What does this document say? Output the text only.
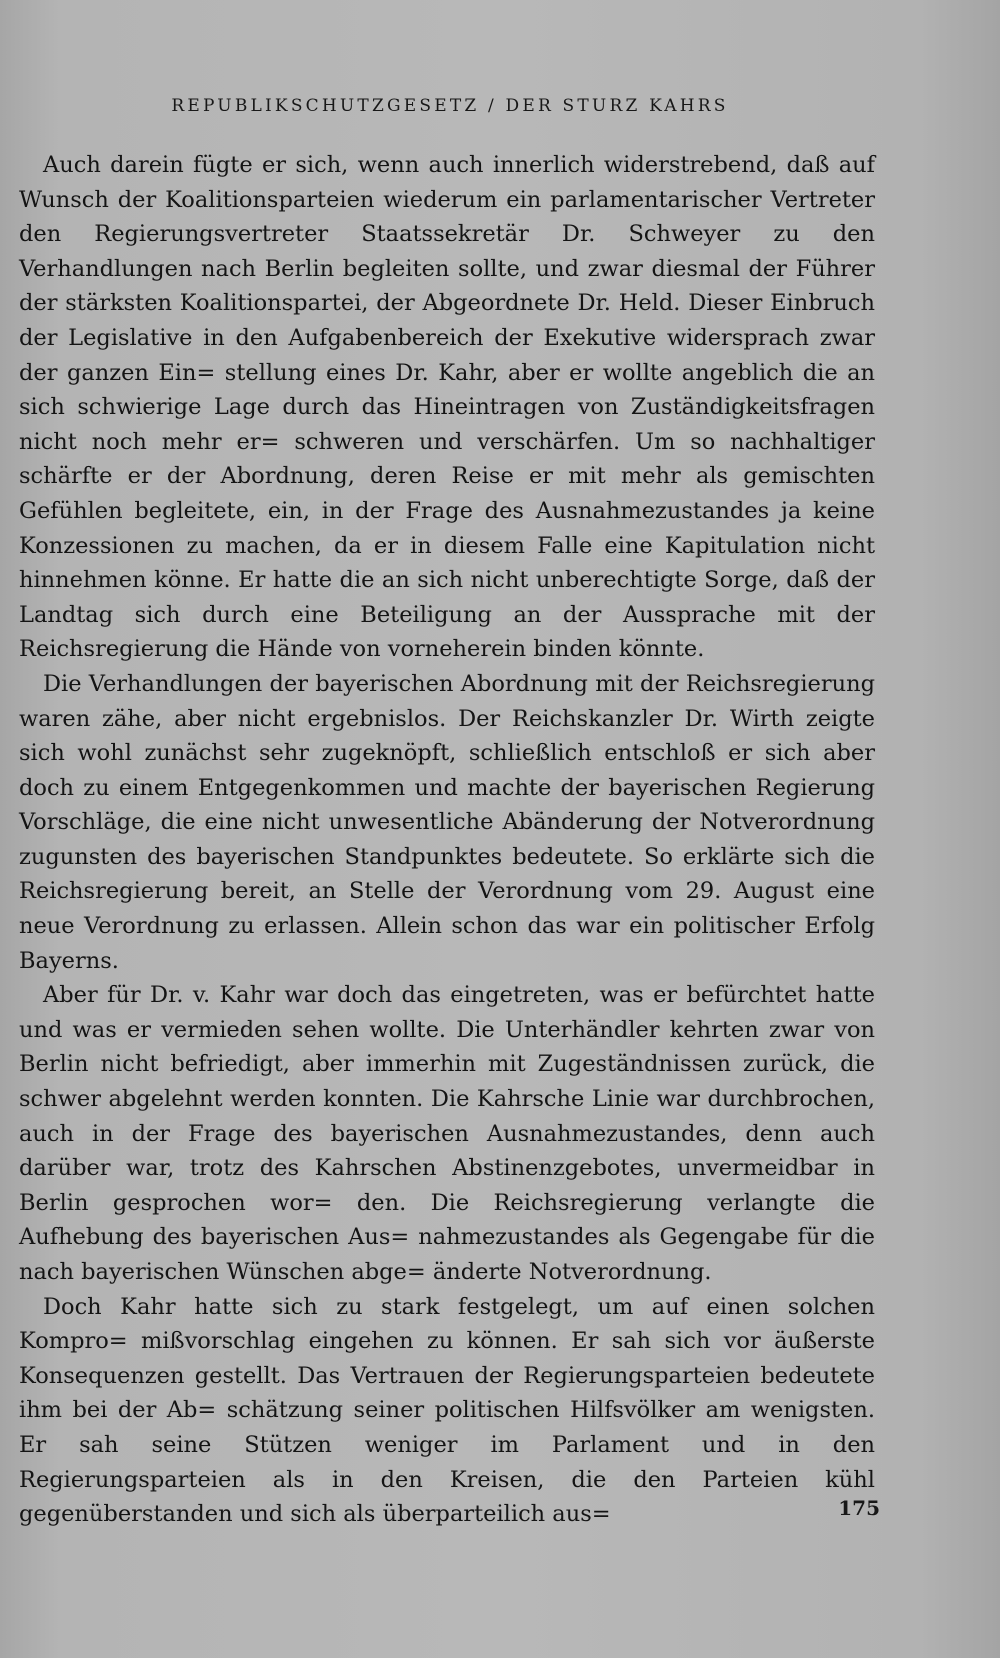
REPUBLIKSCHUTZGESETZ / DER STURZ KAHRS

Auch darein fügte er sich, wenn auch innerlich widerstrebend, daß auf Wunsch der Koalitionsparteien wiederum ein parlamentarischer Vertreter den Regierungsvertreter Staatssekretär Dr. Schweyer zu den Verhandlungen nach Berlin begleiten sollte, und zwar diesmal der Führer der stärksten Koalitionspartei, der Abgeordnete Dr. Held. Dieser Einbruch der Legislative in den Aufgabenbereich der Exekutive widersprach zwar der ganzen Ein= stellung eines Dr. Kahr, aber er wollte angeblich die an sich schwierige Lage durch das Hineintragen von Zuständigkeitsfragen nicht noch mehr er= schweren und verschärfen. Um so nachhaltiger schärfte er der Abordnung, deren Reise er mit mehr als gemischten Gefühlen begleitete, ein, in der Frage des Ausnahmezustandes ja keine Konzessionen zu machen, da er in diesem Falle eine Kapitulation nicht hinnehmen könne. Er hatte die an sich nicht unberechtigte Sorge, daß der Landtag sich durch eine Beteiligung an der Aussprache mit der Reichsregierung die Hände von vorneherein binden könnte.

Die Verhandlungen der bayerischen Abordnung mit der Reichsregierung waren zähe, aber nicht ergebnislos. Der Reichskanzler Dr. Wirth zeigte sich wohl zunächst sehr zugeknöpft, schließlich entschloß er sich aber doch zu einem Entgegenkommen und machte der bayerischen Regierung Vorschläge, die eine nicht unwesentliche Abänderung der Notverordnung zugunsten des bayerischen Standpunktes bedeutete. So erklärte sich die Reichsregierung bereit, an Stelle der Verordnung vom 29. August eine neue Verordnung zu erlassen. Allein schon das war ein politischer Erfolg Bayerns.

Aber für Dr. v. Kahr war doch das eingetreten, was er befürchtet hatte und was er vermieden sehen wollte. Die Unterhändler kehrten zwar von Berlin nicht befriedigt, aber immerhin mit Zugeständnissen zurück, die schwer abgelehnt werden konnten. Die Kahrsche Linie war durchbrochen, auch in der Frage des bayerischen Ausnahmezustandes, denn auch darüber war, trotz des Kahrschen Abstinenzgebotes, unvermeidbar in Berlin gesprochen wor= den. Die Reichsregierung verlangte die Aufhebung des bayerischen Aus= nahmezustandes als Gegengabe für die nach bayerischen Wünschen abge= änderte Notverordnung.

Doch Kahr hatte sich zu stark festgelegt, um auf einen solchen Kompro= mißvorschlag eingehen zu können. Er sah sich vor äußerste Konsequenzen gestellt. Das Vertrauen der Regierungsparteien bedeutete ihm bei der Ab= schätzung seiner politischen Hilfsvölker am wenigsten. Er sah seine Stützen weniger im Parlament und in den Regierungsparteien als in den Kreisen, die den Parteien kühl gegenüberstanden und sich als überparteilich aus=	175
